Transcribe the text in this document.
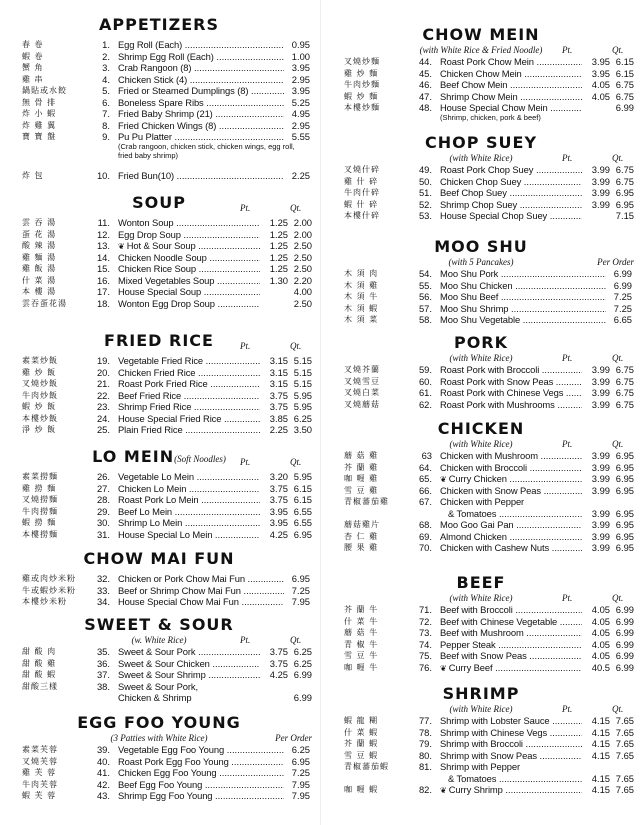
APPETIZERS
春 卷	1. Egg Roll (Each) .....	0.95
蝦 卷	2. Shrimp Egg Roll (Each) .....	1.00
蟹 角	3. Crab Rangoon (8) .....	3.95
雞 串	4. Chicken Stick (4) .....	2.95
鍋貼或水餃	5. Fried or Steamed Dumplings (8) .....	3.95
無 骨 排	6. Boneless Spare Ribs .....	5.25
炸 小 蝦	7. Fried Baby Shrimp (21) .....	4.95
炸 雞 翼	8. Fried Chicken Wings (8) .....	2.95
寶 寶 盤	9. Pu Pu Platter .....	5.55
(Crab rangoon, chicken stick, chicken wings, egg roll, fried baby shrimp)
炸 包	10. Fried Bun(10) .....	2.25
SOUP	Pt.	Qt.
雲 吞 湯	11. Wonton Soup .....	1.25 2.00
蛋 花 湯	12. Egg Drop Soup .....	1.25 2.00
酸 辣 湯	13. ❦ Hot & Sour Soup .....	1.25 2.50
雞 麵 湯	14. Chicken Noodle Soup .....	1.25 2.50
雞 飯 湯	15. Chicken Rice Soup .....	1.25 2.50
什 菜 湯	16. Mixed Vegetables Soup .....	1.30 2.20
本 樓 湯	17. House Special Soup .....	4.00
雲吞蛋花湯	18. Wonton Egg Drop Soup .....	2.50
FRIED RICE	Pt.	Qt.
素菜炒飯	19. Vegetable Fried Rice .....	3.15 5.15
雞 炒 飯	20. Chicken Fried Rice .....	3.15 5.15
叉燒炒飯	21. Roast Pork Fried Rice .....	3.15 5.15
牛肉炒飯	22. Beef Fried Rice .....	3.75 5.95
蝦 炒 飯	23. Shrimp Fried Rice .....	3.75 5.95
本樓炒飯	24. House Special Fried Rice .....	3.85 6.25
淨 炒 飯	25. Plain Fried Rice .....	2.25 3.50
LO MEIN(Soft Noodles)	Pt.	Qt.
素菜撈麵	26. Vegetable Lo Mein .....	3.20 5.95
雞 撈 麵	27. Chicken Lo Mein .....	3.75 6.15
叉燒撈麵	28. Roast Pork Lo Mein .....	3.75 6.15
牛肉撈麵	29. Beef Lo Mein .....	3.95 6.55
蝦 撈 麵	30. Shrimp Lo Mein .....	3.95 6.55
本樓撈麵	31. House Special Lo Mein .....	4.25 6.95
CHOW MAI FUN
雞或肉炒米粉	32. Chicken or Pork Chow Mai Fun .....	6.95
牛或蝦炒米粉	33. Beef or Shrimp Chow Mai Fun .....	7.25
本樓炒米粉	34. House Special Chow Mai Fun .....	7.95
SWEET & SOUR
(w. White Rice)	Pt.	Qt.
甜 酸 肉	35. Sweet & Sour Pork .....	3.75 6.25
甜 酸 雞	36. Sweet & Sour Chicken .....	3.75 6.25
甜 酸 蝦	37. Sweet & Sour Shrimp .....	4.25 6.99
甜酸三樣	38. Sweet & Sour Pork,
Chicken & Shrimp	6.99
EGG FOO YOUNG
(3 Patties with White Rice)	Per Order
素菜芙蓉	39. Vegetable Egg Foo Young .....	6.25
叉燒芙蓉	40. Roast Pork Egg Foo Young .....	6.95
雞 芙 蓉	41. Chicken Egg Foo Young .....	7.25
牛肉芙蓉	42. Beef Egg Foo Young .....	7.95
蝦 芙 蓉	43. Shrimp Egg Foo Young .....	7.95
CHOW MEIN
(with White Rice & Fried Noodle)	Pt.	Qt.
叉燒炒麵	44. Roast Pork Chow Mein .....	3.95 6.15
雞 炒 麵	45. Chicken Chow Mein .....	3.95 6.15
牛肉炒麵	46. Beef Chow Mein .....	4.05 6.75
蝦 炒 麵	47. Shrimp Chow Mein .....	4.05 6.75
本樓炒麵	48. House Special Chow Mein .....	6.99
(Shrimp, chicken, pork & beef)
CHOP SUEY
(with White Rice)	Pt.	Qt.
叉燒什碎	49. Roast Pork Chop Suey .....	3.99 6.75
雞 什 碎	50. Chicken Chop Suey .....	3.99 6.75
牛肉什碎	51. Beef Chop Suey .....	3.99 6.95
蝦 什 碎	52. Shrimp Chop Suey .....	3.99 6.95
本樓什碎	53. House Special Chop Suey .....	7.15
MOO SHU
(with 5 Pancakes)	Per Order
木 須 肉	54. Moo Shu Pork .....	6.99
木 須 雞	55. Moo Shu Chicken .....	6.99
木 須 牛	56. Moo Shu Beef .....	7.25
木 須 蝦	57. Moo Shu Shrimp .....	7.25
木 須 菜	58. Moo Shu Vegetable .....	6.65
PORK
(with White Rice)	Pt.	Qt.
叉燒芥蘭	59. Roast Pork with Broccoli .....	3.99 6.75
叉燒雪豆	60. Roast Pork with Snow Peas .....	3.99 6.75
叉燒白菜	61. Roast Pork with Chinese Vegs .....	3.99 6.75
叉燒蘑菇	62. Roast Pork with Mushrooms .....	3.99 6.75
CHICKEN
(with White Rice)	Pt.	Qt.
蘑 菇 雞	63 Chicken with Mushroom .....	3.99 6.95
芥 蘭 雞	64. Chicken with Broccoli .....	3.99 6.95
咖 喱 雞	65. ❦ Curry Chicken .....	3.99 6.95
雪 豆 雞	66. Chicken with Snow Peas .....	3.99 6.95
青椒蕃茄雞	67. Chicken with Pepper
& Tomatoes .....	3.99 6.95
蘑菇雞片	68. Moo Goo Gai Pan .....	3.99 6.95
杏 仁 雞	69. Almond Chicken .....	3.99 6.95
腰 果 雞	70. Chicken with Cashew Nuts .....	3.99 6.95
BEEF
(with White Rice)	Pt.	Qt.
芥 蘭 牛	71. Beef with Broccoli .....	4.05 6.99
什 菜 牛	72. Beef with Chinese Vegetable .....	4.05 6.99
蘑 菇 牛	73. Beef with Mushroom .....	4.05 6.99
青 椒 牛	74. Pepper Steak .....	4.05 6.99
雪 豆 牛	75. Beef with Snow Peas .....	4.05 6.99
咖 喱 牛	76. ❦ Curry Beef .....	40.5 6.99
SHRIMP
(with White Rice)	Pt.	Qt.
蝦 龍 糊	77. Shrimp with Lobster Sauce .....	4.15 7.65
什 菜 蝦	78. Shrimp with Chinese Vegs .....	4.15 7.65
芥 蘭 蝦	79. Shrimp with Broccoli .....	4.15 7.65
雪 豆 蝦	80. Shrimp with Snow Peas .....	4.15 7.65
青椒蕃茄蝦	81. Shrimp with Pepper
& Tomatoes .....	4.15 7.65
咖 喱 蝦	82. ❦ Curry Shrimp .....	4.15 7.65
